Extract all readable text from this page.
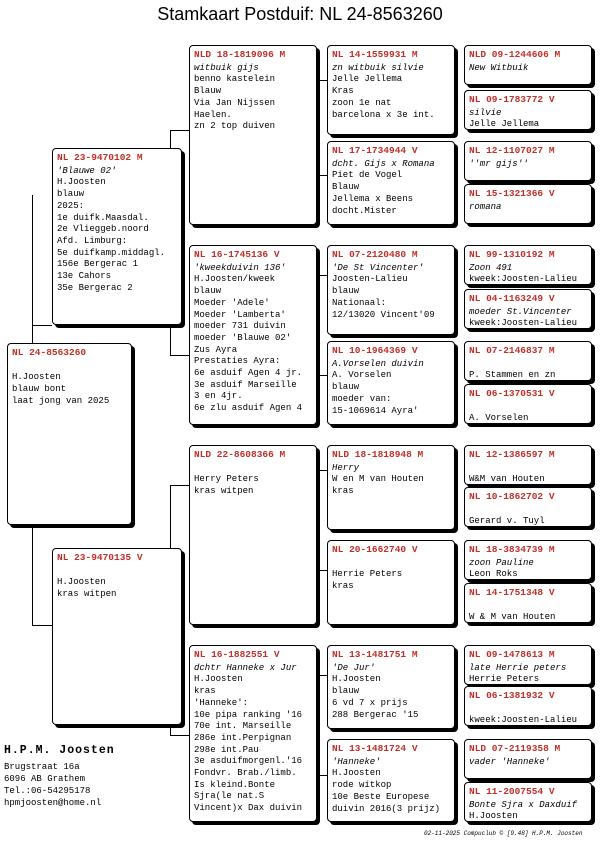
Stamkaart Postduif: NL 24-8563260
NL 24-8563260

H.Joosten
blauw bont
laat jong van 2025
NL 23-9470102 M
'Blauwe 02'
H.Joosten
blauw
2025:
1e duifk.Maasdal.
2e Vlieggeb.noord
Afd. Limburg:
5e duifkamp.middagl.
156e Bergerac 1
13e Cahors
35e Bergerac 2
NL 23-9470135 V

H.Joosten
kras witpen
NLD 18-1819096 M
witbuik gijs
benno kastelein
Blauw
Via Jan Nijssen
Haelen.
zn 2 top duiven
NL 16-1745136 V
'kweekduivin 136'
H.Joosten/kweek
blauw
Moeder 'Adele'
Moeder 'Lamberta'
moeder 731 duivin
moeder 'Blauwe 02'
Zus Ayra
Prestaties Ayra:
6e asduif Agen 4 jr.
3e asduif Marseille
3 en 4jr.
6e zlu asduif Agen 4
NLD 22-8608366 M

Herry Peters
kras witpen
NL 16-1882551 V
dchtr Hanneke x Jur
H.Joosten
kras
'Hanneke':
10e pipa ranking '16
70e int. Marseille
286e int.Perpignan
298e int.Pau
3e asduifmorgenl.'16
Fondvr. Brab./limb.
Is kleind.Bonte
Sjra(le nat.S
Vincent)x Dax duivin
NL 14-1559931 M
zn witbuik silvie
Jelle Jellema
Kras
zoon 1e nat
barcelona x 3e int.
NL 17-1734944 V
dcht. Gijs x Romana
Piet de Vogel
Blauw
Jellema x Beens
docht.Mister
NL 07-2120480 M
'De St Vincenter'
Joosten-Lalieu
blauw
Nationaal:
12/13020 Vincent'09
NL 10-1964369 V
A.Vorselen duivin
A. Vorselen
blauw
moeder van:
15-1069614 Ayra'
NLD 18-1818948 M
Herry
W en M van Houten
kras
NL 20-1662740 V

Herrie Peters
kras
NL 13-1481751 M
'De Jur'
H.Joosten
blauw
6 vd 7 x prijs
288 Bergerac '15
NL 13-1481724 V
'Hanneke'
H.Joosten
rode witkop
10e Beste Europese
duivin 2016(3 prijz)
NLD 09-1244606 M
New Witbuik
NL 09-1783772 V
silvie
Jelle Jellema
NL 12-1107027 M
''mr gijs''
NL 15-1321366 V
romana
NL 99-1310192 M
Zoon 491
kweek:Joosten-Lalieu
NL 04-1163249 V
moeder St.Vincenter
kweek:Joosten-Lalieu
NL 07-2146837 M

P. Stammen en zn
NL 06-1370531 V

A. Vorselen
NL 12-1386597 M

W&M van Houten
NL 10-1862702 V

Gerard v. Tuyl
NL 18-3834739 M
zoon Pauline
Leon Roks
NL 14-1751348 V

W & M van Houten
NL 09-1478613 M
late Herrie peters
Herrie Peters
NL 06-1381932 V

kweek:Joosten-Lalieu
NLD 07-2119358 M
vader 'Hanneke'
NL 11-2007554 V
Bonte Sjra x Daxduif
H.Joosten
H.P.M. Joosten
Brugstraat 16a
6096 AB Grathem
Tel.:06-54295178
hpmjoosten@home.nl
02-11-2025 Compuclub © [9.48] H.P.M. Joosten
